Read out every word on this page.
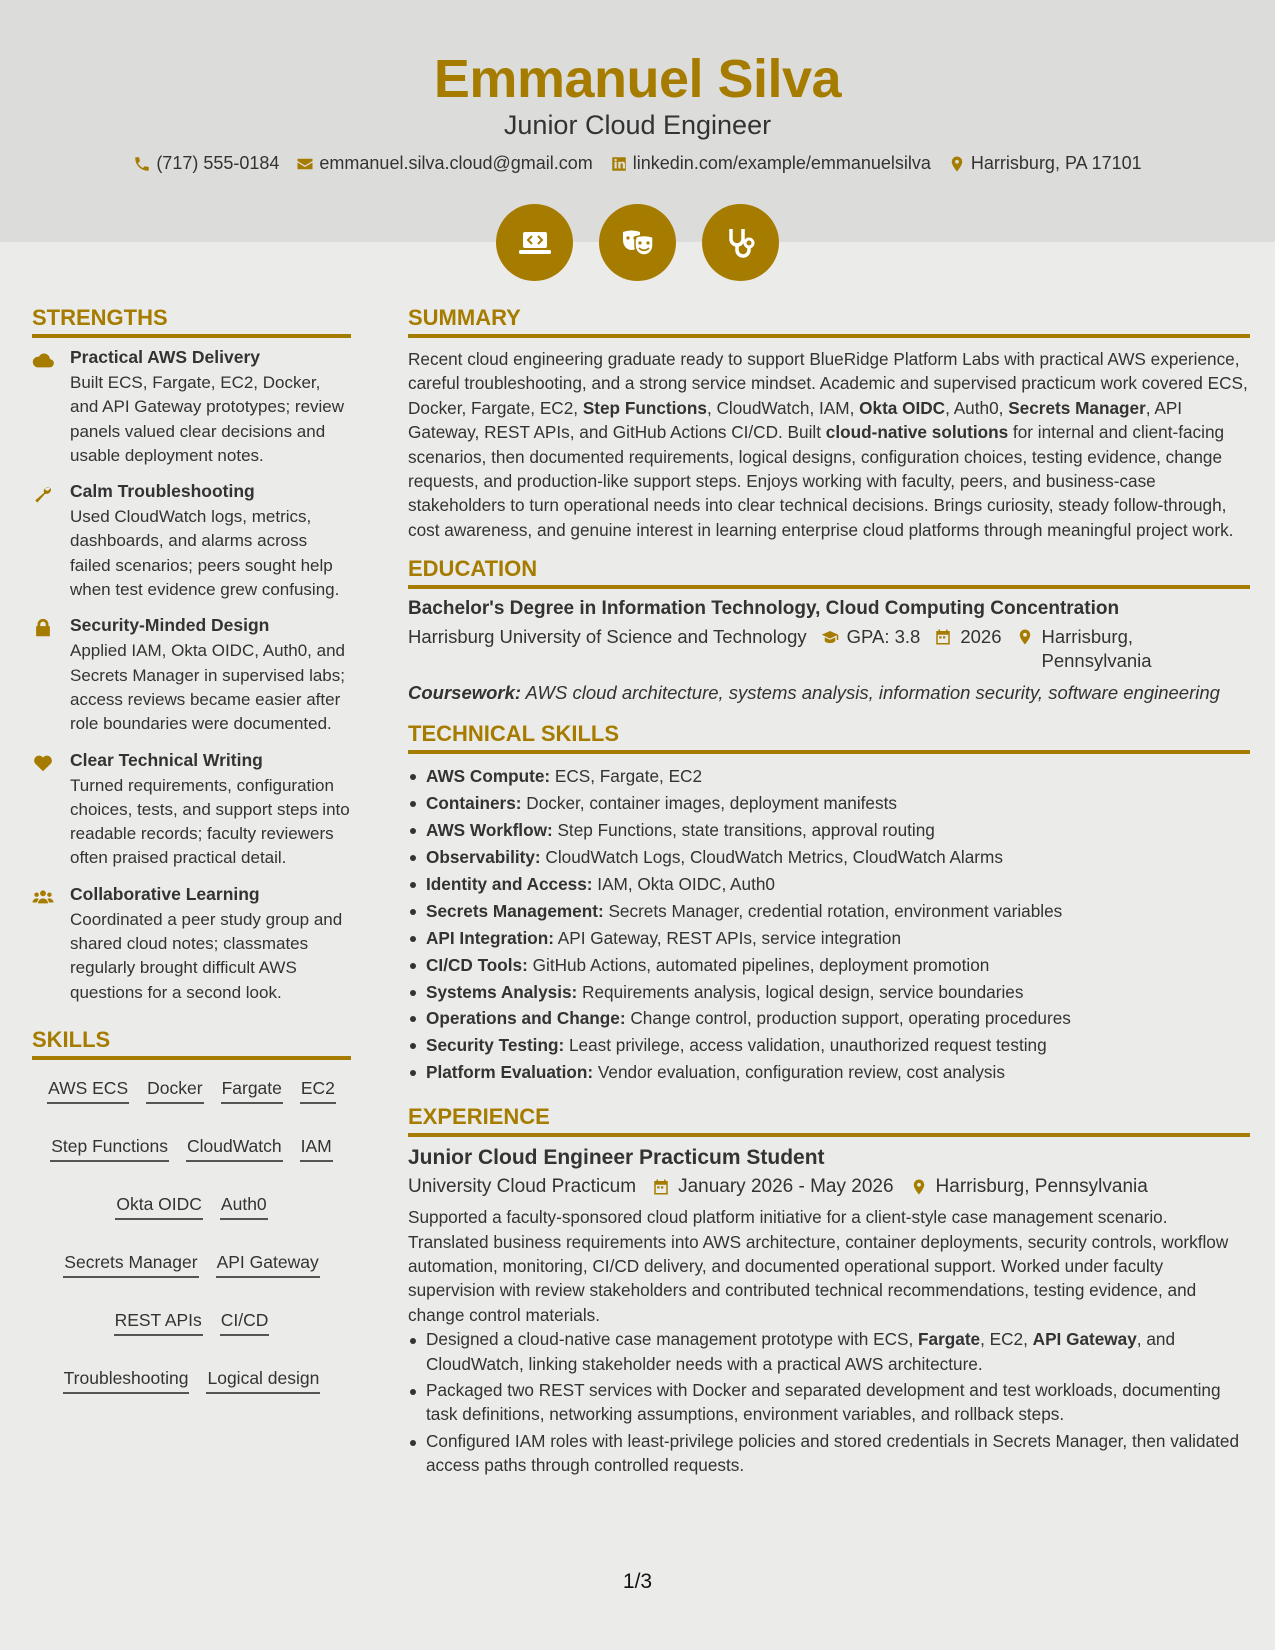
Emmanuel Silva
Junior Cloud Engineer
(717) 555-0184 emmanuel.silva.cloud@gmail.com linkedin.com/example/emmanuelsilva Harrisburg, PA 17101
STRENGTHS
Practical AWS Delivery
Built ECS, Fargate, EC2, Docker, and API Gateway prototypes; review panels valued clear decisions and usable deployment notes.
Calm Troubleshooting
Used CloudWatch logs, metrics, dashboards, and alarms across failed scenarios; peers sought help when test evidence grew confusing.
Security-Minded Design
Applied IAM, Okta OIDC, Auth0, and Secrets Manager in supervised labs; access reviews became easier after role boundaries were documented.
Clear Technical Writing
Turned requirements, configuration choices, tests, and support steps into readable records; faculty reviewers often praised practical detail.
Collaborative Learning
Coordinated a peer study group and shared cloud notes; classmates regularly brought difficult AWS questions for a second look.
SKILLS
AWS ECS Docker Fargate EC2
Step Functions CloudWatch IAM
Okta OIDC Auth0
Secrets Manager API Gateway
REST APIs CI/CD
Troubleshooting Logical design
SUMMARY
Recent cloud engineering graduate ready to support BlueRidge Platform Labs with practical AWS experience, careful troubleshooting, and a strong service mindset. Academic and supervised practicum work covered ECS, Docker, Fargate, EC2, Step Functions, CloudWatch, IAM, Okta OIDC, Auth0, Secrets Manager, API Gateway, REST APIs, and GitHub Actions CI/CD. Built cloud-native solutions for internal and client-facing scenarios, then documented requirements, logical designs, configuration choices, testing evidence, change requests, and production-like support steps. Enjoys working with faculty, peers, and business-case stakeholders to turn operational needs into clear technical decisions. Brings curiosity, steady follow-through, cost awareness, and genuine interest in learning enterprise cloud platforms through meaningful project work.
EDUCATION
Bachelor's Degree in Information Technology, Cloud Computing Concentration
Harrisburg University of Science and Technology GPA: 3.8 2026 Harrisburg,
Pennsylvania
Coursework: AWS cloud architecture, systems analysis, information security, software engineering
TECHNICAL SKILLS
AWS Compute: ECS, Fargate, EC2
Containers: Docker, container images, deployment manifests
AWS Workflow: Step Functions, state transitions, approval routing
Observability: CloudWatch Logs, CloudWatch Metrics, CloudWatch Alarms
Identity and Access: IAM, Okta OIDC, Auth0
Secrets Management: Secrets Manager, credential rotation, environment variables
API Integration: API Gateway, REST APIs, service integration
CI/CD Tools: GitHub Actions, automated pipelines, deployment promotion
Systems Analysis: Requirements analysis, logical design, service boundaries
Operations and Change: Change control, production support, operating procedures
Security Testing: Least privilege, access validation, unauthorized request testing
Platform Evaluation: Vendor evaluation, configuration review, cost analysis
EXPERIENCE
Junior Cloud Engineer Practicum Student
University Cloud Practicum January 2026 - May 2026 Harrisburg, Pennsylvania
Supported a faculty-sponsored cloud platform initiative for a client-style case management scenario. Translated business requirements into AWS architecture, container deployments, security controls, workflow automation, monitoring, CI/CD delivery, and documented operational support. Worked under faculty supervision with review stakeholders and contributed technical recommendations, testing evidence, and change control materials.
Designed a cloud-native case management prototype with ECS, Fargate, EC2, API Gateway, and CloudWatch, linking stakeholder needs with a practical AWS architecture.
Packaged two REST services with Docker and separated development and test workloads, documenting task definitions, networking assumptions, environment variables, and rollback steps.
Configured IAM roles with least-privilege policies and stored credentials in Secrets Manager, then validated access paths through controlled requests.
1/3
